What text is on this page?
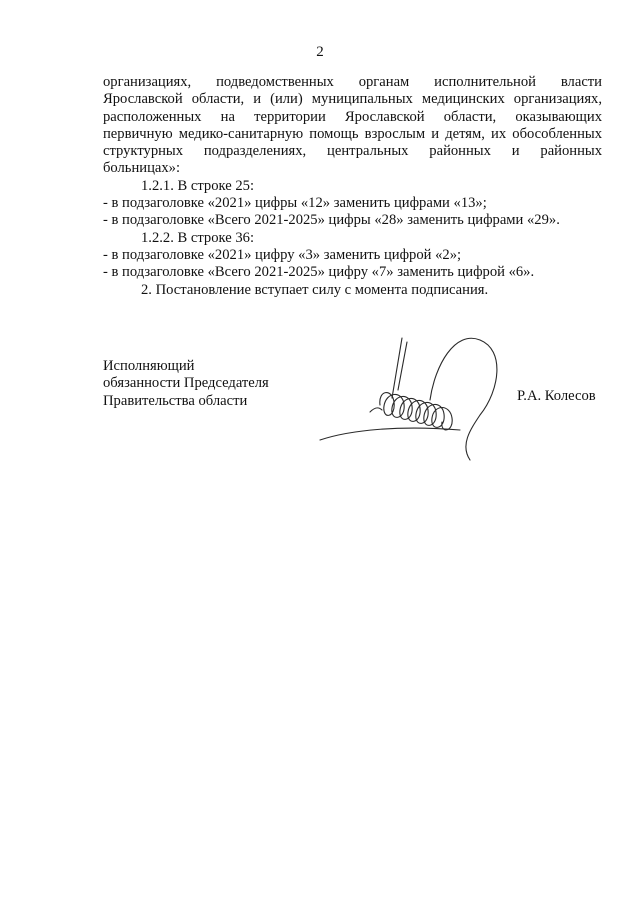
2

организациях, подведомственных органам исполнительной власти

Ярославской области, и (или) муниципальных медицинских организациях,

расположенных на территории Ярославской области, оказывающих

первичную медико-санитарную помощь взрослым и детям, их обособленных

структурных подразделениях, центральных районных и районных

больницах»:

1.2.1. В строке 25:

- в подзаголовке «2021» цифры «12» заменить цифрами «13»;

- в подзаголовке «Всего 2021-2025» цифры «28» заменить цифрами «29».

1.2.2. В строке 36:

- в подзаголовке «2021» цифру «3» заменить цифрой «2»;

- в подзаголовке «Всего 2021-2025» цифру «7» заменить цифрой «6».

2. Постановление вступает силу с момента подписания.

Исполняющий
обязанности Председателя
Правительства области	Р.А. Колесов
